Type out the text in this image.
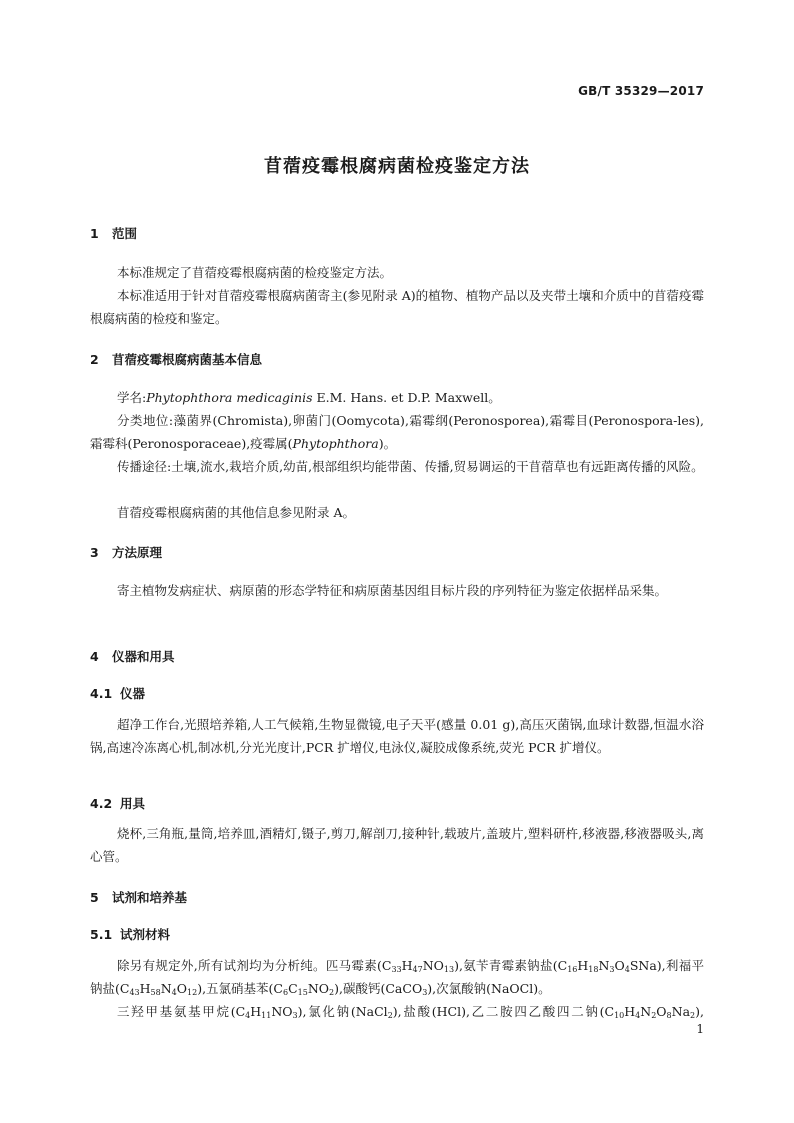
GB/T 35329—2017
苜蓿疫霉根腐病菌检疫鉴定方法
1 范围
本标准规定了苜蓿疫霉根腐病菌的检疫鉴定方法。
本标准适用于针对苜蓿疫霉根腐病菌寄主(参见附录 A)的植物、植物产品以及夹带土壤和介质中的苜蓿疫霉根腐病菌的检疫和鉴定。
2 苜蓿疫霉根腐病菌基本信息
学名:Phytophthora medicaginis E.M. Hans. et D.P. Maxwell。
分类地位:藻菌界(Chromista),卵菌门(Oomycota),霜霉纲(Peronosporea),霜霉目(Peronospora-les),霜霉科(Peronosporaceae),疫霉属(Phytophthora)。
传播途径:土壤,流水,栽培介质,幼苗,根部组织均能带菌、传播,贸易调运的干苜蓿草也有远距离传播的风险。
苜蓿疫霉根腐病菌的其他信息参见附录 A。
3 方法原理
寄主植物发病症状、病原菌的形态学特征和病原菌基因组目标片段的序列特征为鉴定依据样品采集。
4 仪器和用具
4.1 仪器
超净工作台,光照培养箱,人工气候箱,生物显微镜,电子天平(感量 0.01 g),高压灭菌锅,血球计数器,恒温水浴锅,高速冷冻离心机,制冰机,分光光度计,PCR 扩增仪,电泳仪,凝胶成像系统,荧光 PCR 扩增仪。
4.2 用具
烧杯,三角瓶,量筒,培养皿,酒精灯,镊子,剪刀,解剖刀,接种针,载玻片,盖玻片,塑料研杵,移液器,移液器吸头,离心管。
5 试剂和培养基
5.1 试剂材料
除另有规定外,所有试剂均为分析纯。匹马霉素$(C_{33}H_{47}NO_{13})$,氨苄青霉素钠盐$(C_{16}H_{18}N_3O_4SNa)$,利福平钠盐$(C_{43}H_{58}N_4O_{12})$,五氯硝基苯$(C_6C_{15}NO_2)$,碳酸钙(CaCO$_3$),次氯酸钠(NaOCl)。
三羟甲基氨基甲烷$(C_4H_{11}NO_3)$,氯化钠(NaCl$_2$),盐酸(HCl),乙二胺四乙酸四二钠$(C_{10}H_4N_2O_8Na_2)$,
1
